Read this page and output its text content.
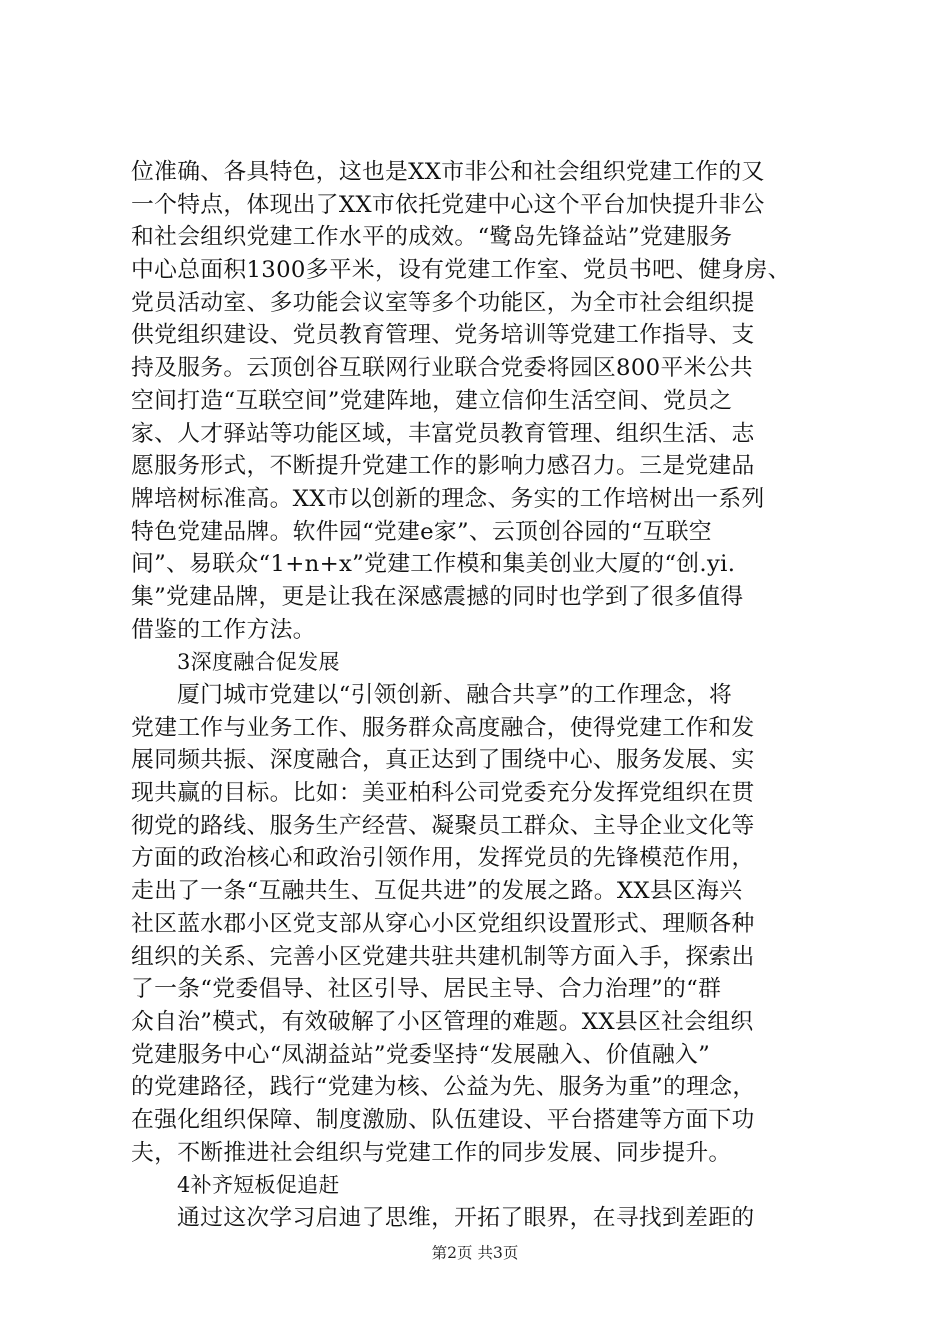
位准确、各具特色，这也是XX市非公和社会组织党建工作的又
一个特点，体现出了XX市依托党建中心这个平台加快提升非公
和社会组织党建工作水平的成效。“鹭岛先锋益站”党建服务
中心总面积1300多平米，设有党建工作室、党员书吧、健身房、
党员活动室、多功能会议室等多个功能区，为全市社会组织提
供党组织建设、党员教育管理、党务培训等党建工作指导、支
持及服务。云顶创谷互联网行业联合党委将园区800平米公共
空间打造“互联空间”党建阵地，建立信仰生活空间、党员之
家、人才驿站等功能区域，丰富党员教育管理、组织生活、志
愿服务形式，不断提升党建工作的影响力感召力。三是党建品
牌培树标准高。XX市以创新的理念、务实的工作培树出一系列
特色党建品牌。软件园“党建e家”、云顶创谷园的“互联空
间”、易联众“1+n+x”党建工作模和集美创业大厦的“创.yi.
集”党建品牌，更是让我在深感震撼的同时也学到了很多值得
借鉴的工作方法。
3深度融合促发展
厦门城市党建以“引领创新、融合共享”的工作理念，将
党建工作与业务工作、服务群众高度融合，使得党建工作和发
展同频共振、深度融合，真正达到了围绕中心、服务发展、实
现共赢的目标。比如：美亚柏科公司党委充分发挥党组织在贯
彻党的路线、服务生产经营、凝聚员工群众、主导企业文化等
方面的政治核心和政治引领作用，发挥党员的先锋模范作用，
走出了一条“互融共生、互促共进”的发展之路。XX县区海兴
社区蓝水郡小区党支部从穿心小区党组织设置形式、理顺各种
组织的关系、完善小区党建共驻共建机制等方面入手，探索出
了一条“党委倡导、社区引导、居民主导、合力治理”的“群
众自治”模式，有效破解了小区管理的难题。XX县区社会组织
党建服务中心“凤湖益站”党委坚持“发展融入、价值融入”
的党建路径，践行“党建为核、公益为先、服务为重”的理念，
在强化组织保障、制度激励、队伍建设、平台搭建等方面下功
夫，不断推进社会组织与党建工作的同步发展、同步提升。
4补齐短板促追赶
通过这次学习启迪了思维，开拓了眼界，在寻找到差距的
第2页 共3页
